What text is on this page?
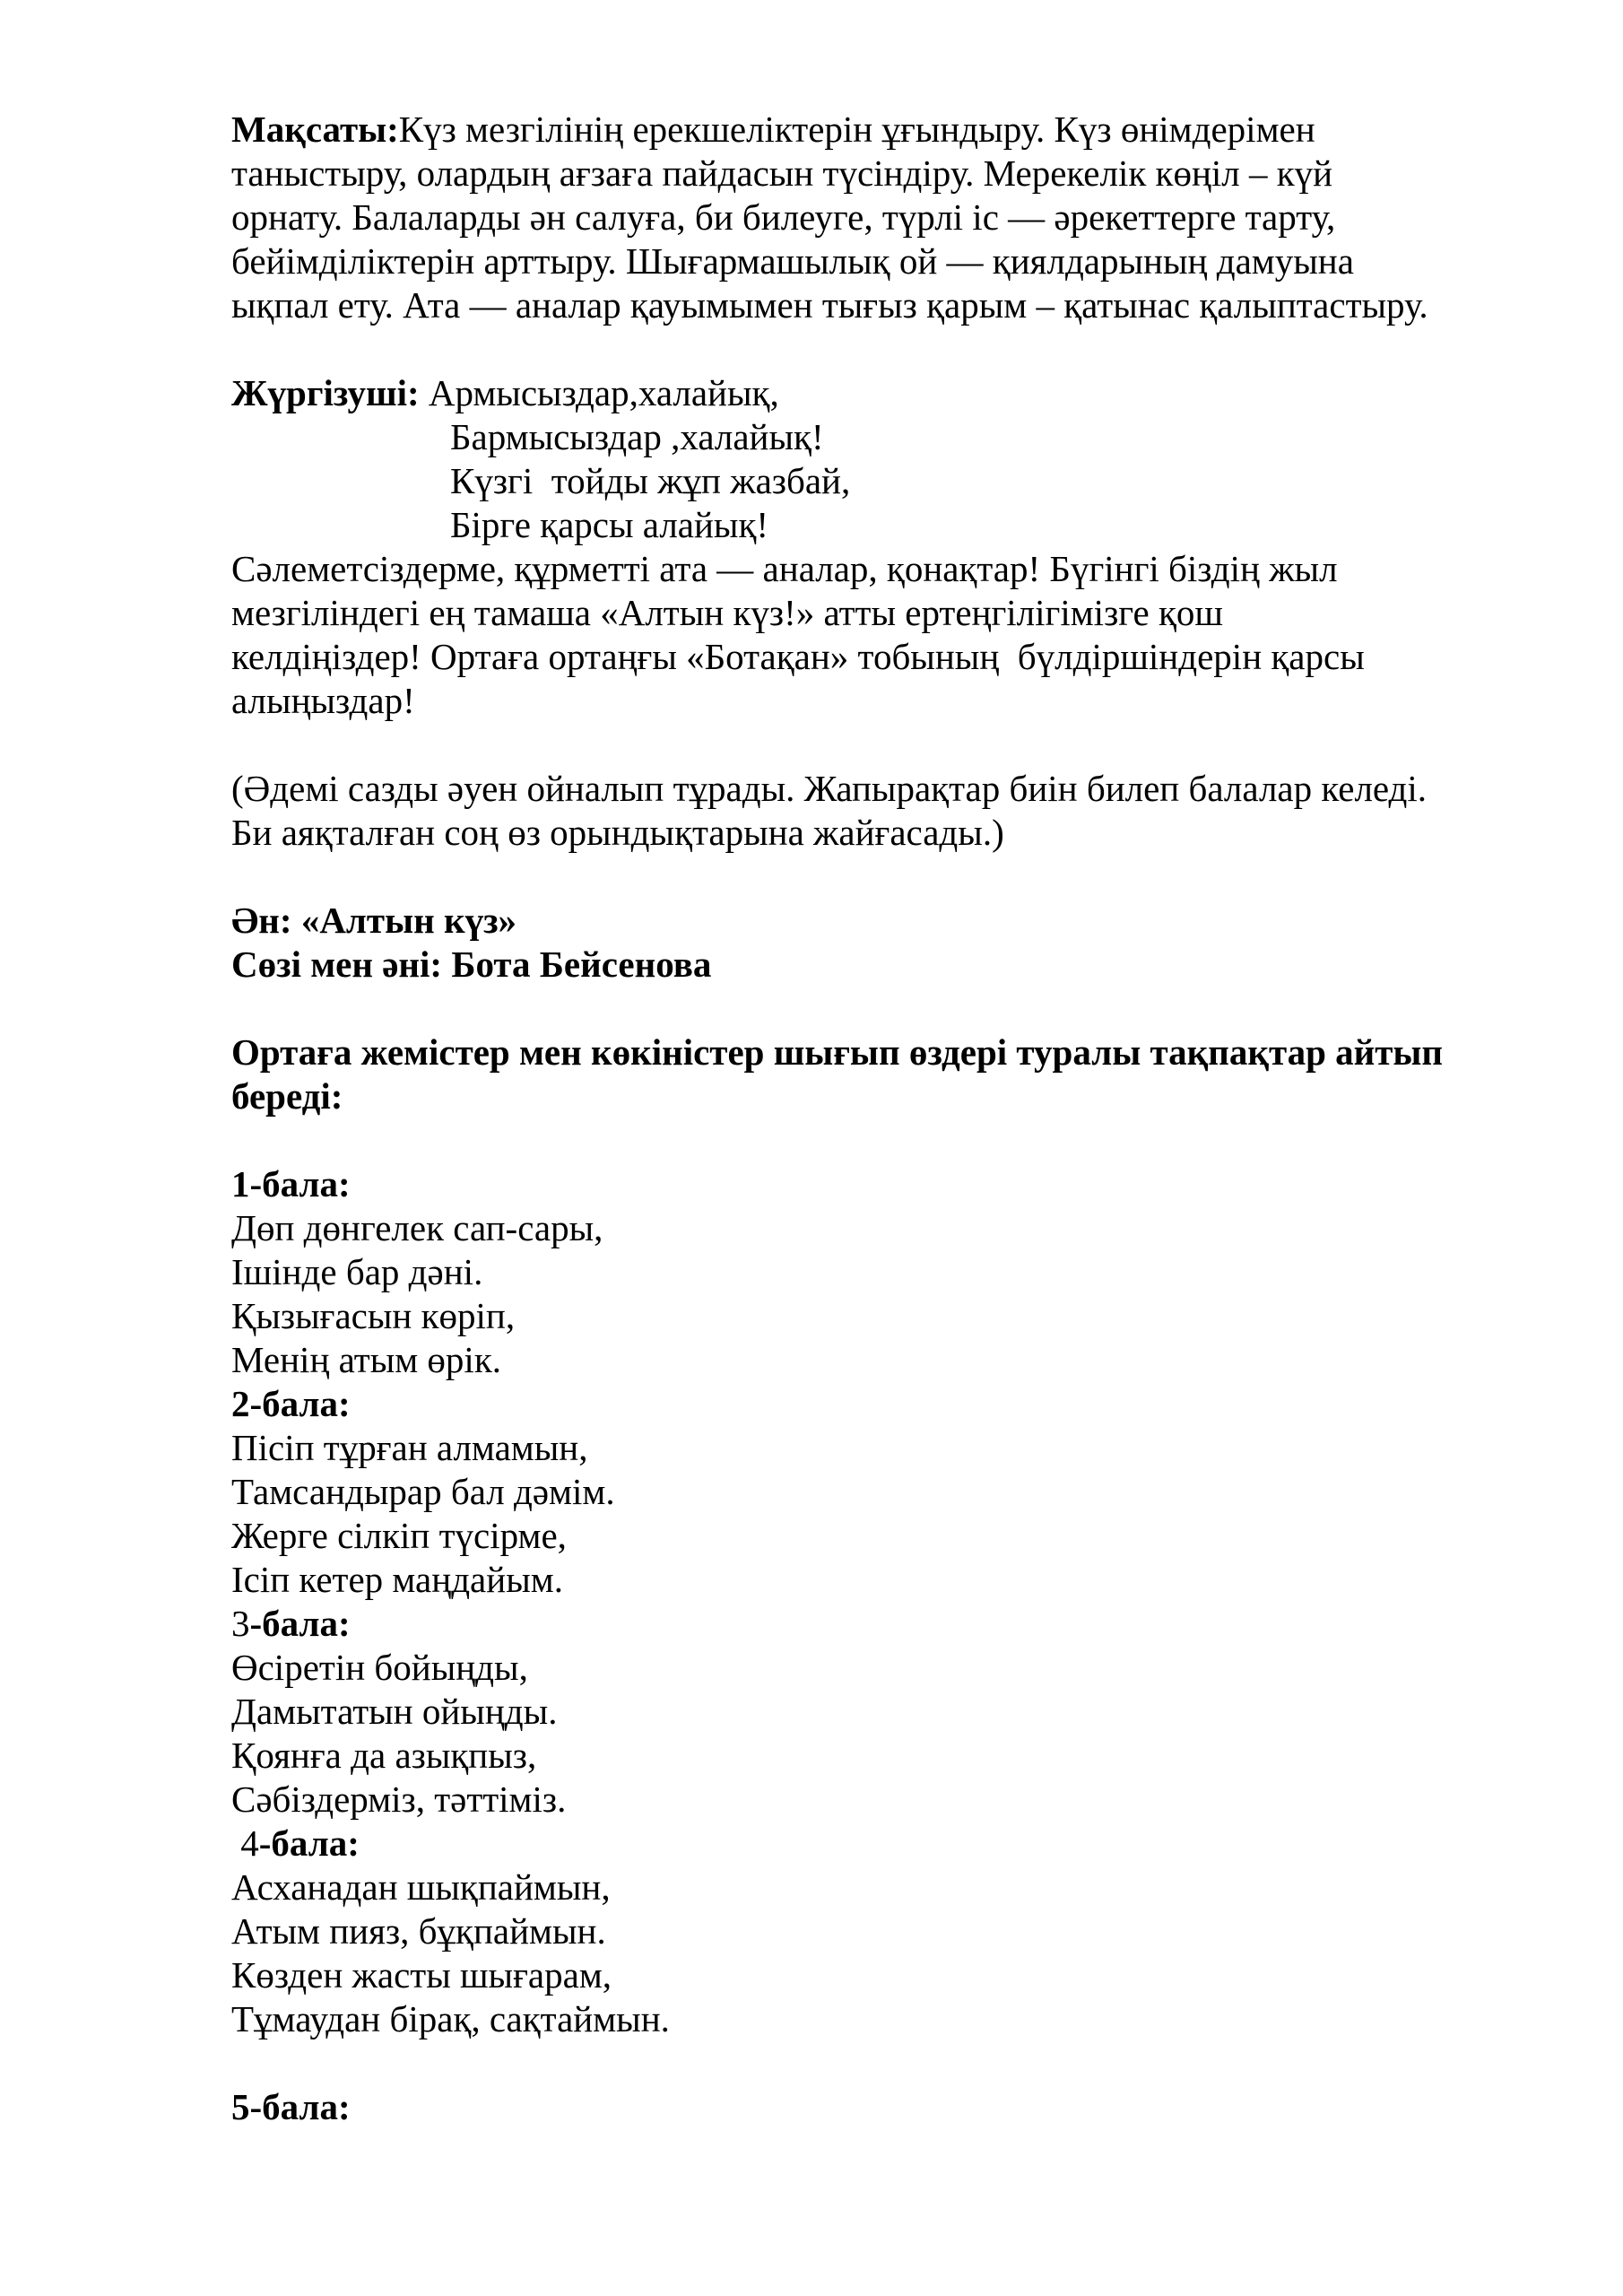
Мақсаты:Күз мезгілінің ерекшеліктерін ұғындыру. Күз өнімдерімен
таныстыру, олардың ағзаға пайдасын түсіндіру. Мерекелік көңіл – күй
орнату. Балаларды ән салуға, би билеуге, түрлі іс — әрекеттерге тарту,
бейімділіктерін арттыру. Шығармашылық ой — қиялдарының дамуына
ықпал ету. Ата — аналар қауымымен тығыз қарым – қатынас қалыптастыру.
Жүргізуші: Армысыздар,халайық,
Бармысыздар ,халайық!
Күзгі  тойды жұп жазбай,
Бірге қарсы алайық!
Сәлеметсіздерме, құрметті ата — аналар, қонақтар! Бүгінгі біздің жыл
мезгіліндегі ең тамаша «Алтын күз!» атты ертеңгілігімізге қош
келдіңіздер! Ортаға ортаңғы «Ботақан» тобының  бүлдіршіндерін қарсы
алыңыздар!
(Әдемі сазды әуен ойналып тұрады. Жапырақтар биін билеп балалар келеді.
Би аяқталған соң өз орындықтарына жайғасады.)
Ән: «Алтын күз»
Сөзі мен әні: Бота Бейсенова
Ортаға жемістер мен көкіністер шығып өздері туралы тақпақтар айтып
береді:
1-бала:
Дөп дөнгелек сап-сары,
Ішінде бар дәні.
Қызығасын көріп,
Менің атым өрік.
2-бала:
Пісіп тұрған алмамын,
Тамсандырар бал дәмім.
Жерге сілкіп түсірме,
Ісіп кетер маңдайым.
3-бала:
Өсіретін бойыңды,
Дамытатын ойыңды.
Қоянға да азықпыз,
Сәбіздерміз, тәттіміз.
4-бала:
Асханадан шықпаймын,
Атым пияз, бұқпаймын.
Көзден жасты шығарам,
Тұмаудан бірақ, сақтаймын.
5-бала:
